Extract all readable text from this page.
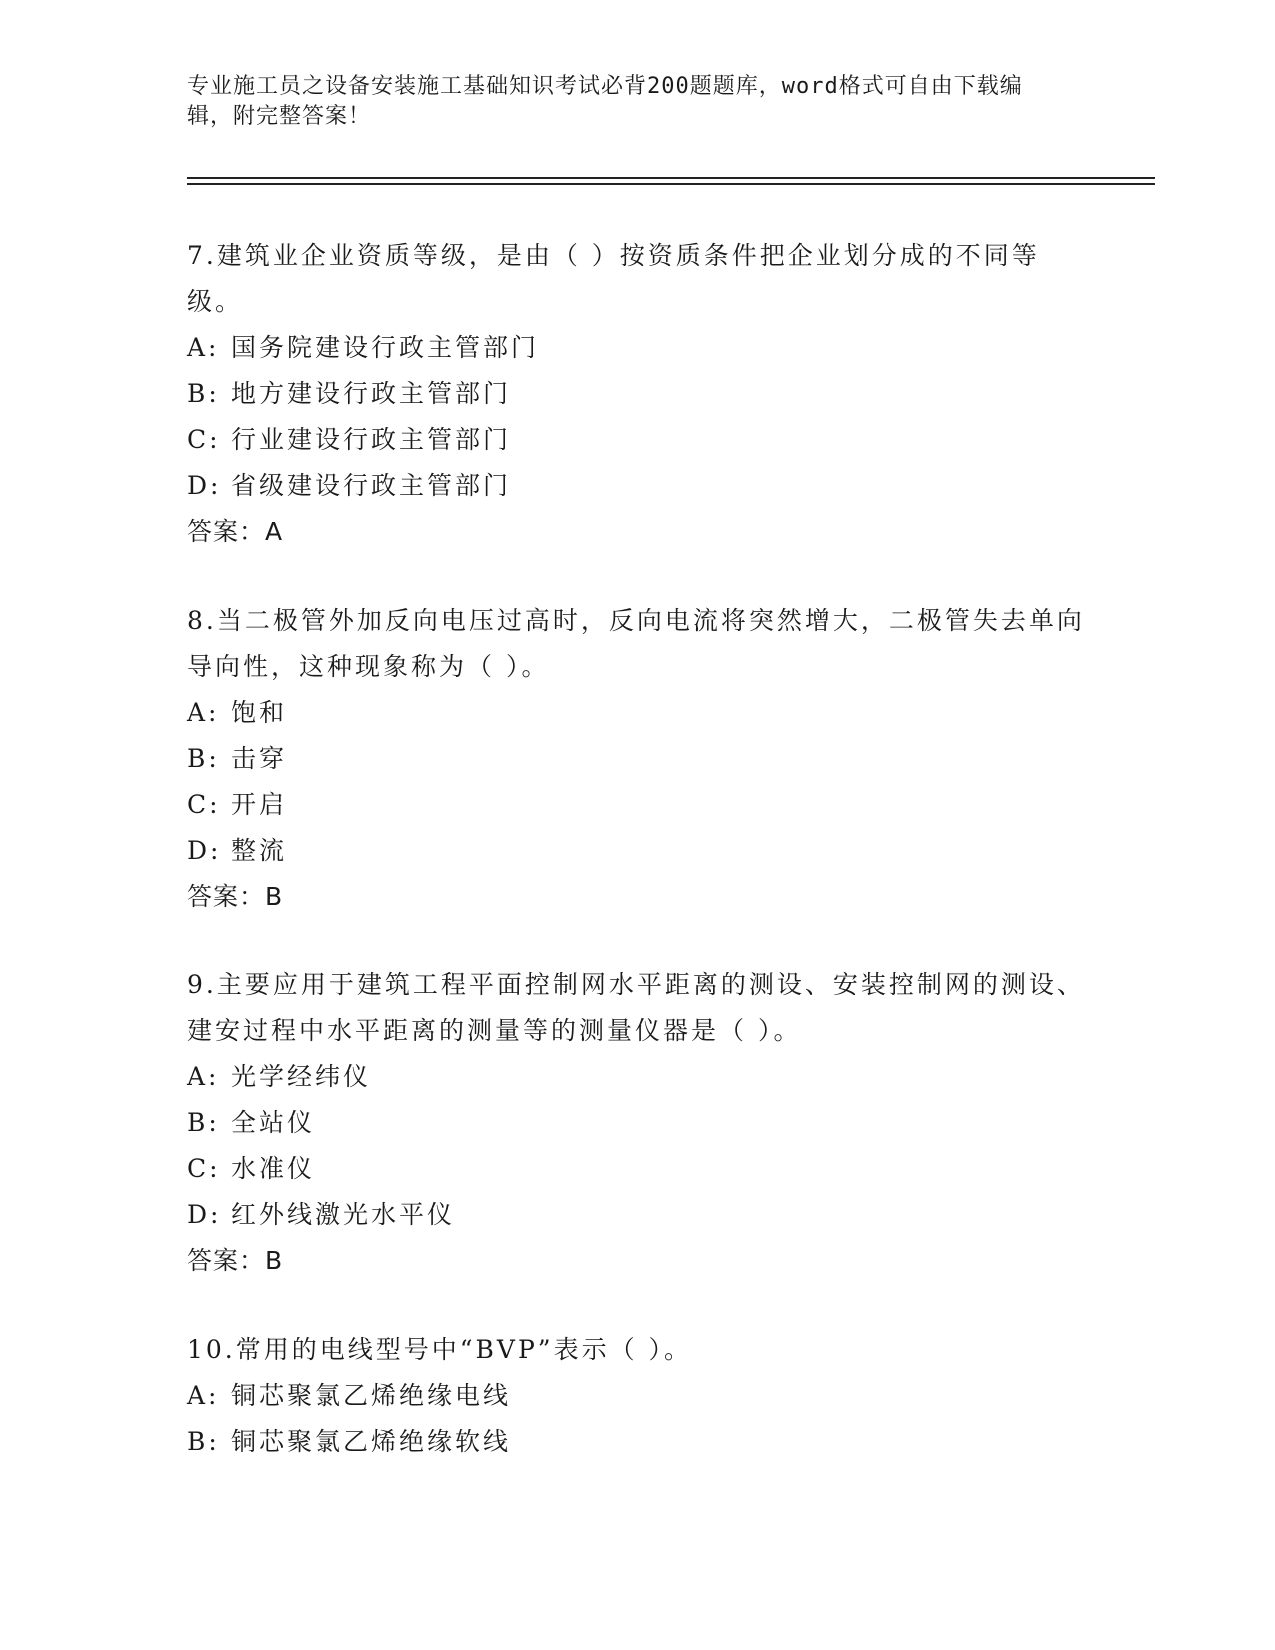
专业施工员之设备安装施工基础知识考试必背200题题库，word格式可自由下载编辑，附完整答案！

7.建筑业企业资质等级，是由（ ）按资质条件把企业划分成的不同等级。

A: 国务院建设行政主管部门
B: 地方建设行政主管部门
C: 行业建设行政主管部门
D: 省级建设行政主管部门
答案：A

8.当二极管外加反向电压过高时，反向电流将突然增大，二极管失去单向导向性，这种现象称为（ ）。

A: 饱和
B: 击穿
C: 开启
D: 整流
答案：B

9.主要应用于建筑工程平面控制网水平距离的测设、安装控制网的测设、建安过程中水平距离的测量等的测量仪器是（ ）。

A: 光学经纬仪
B: 全站仪
C: 水准仪
D: 红外线激光水平仪
答案：B

10.常用的电线型号中“BVP”表示（ ）。

A: 铜芯聚氯乙烯绝缘电线
B: 铜芯聚氯乙烯绝缘软线
